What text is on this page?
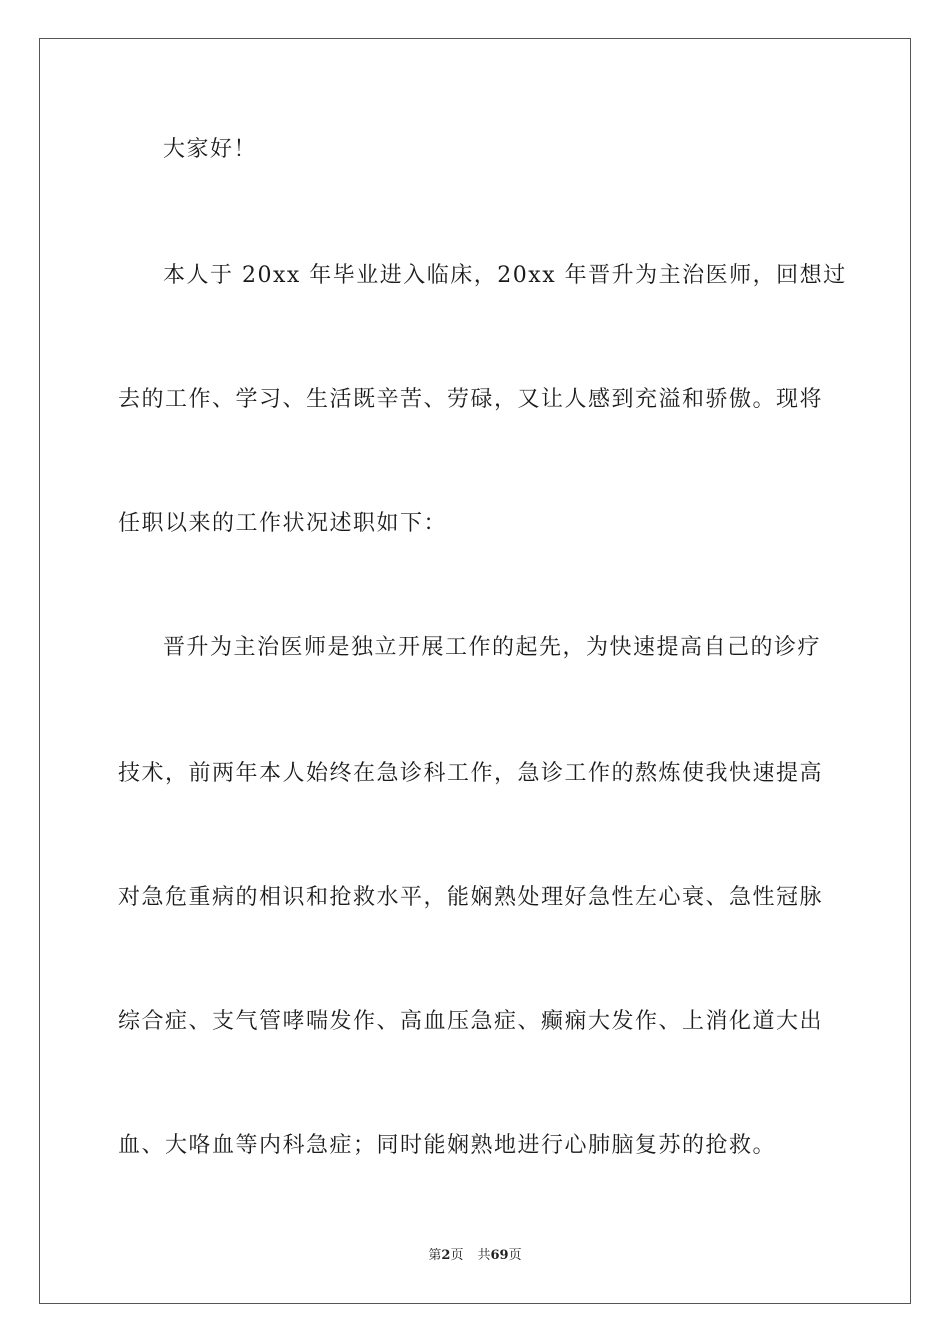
大家好！
本人于 20xx 年毕业进入临床，20xx 年晋升为主治医师，回想过
去的工作、学习、生活既辛苦、劳碌，又让人感到充溢和骄傲。现将
任职以来的工作状况述职如下：
晋升为主治医师是独立开展工作的起先，为快速提高自己的诊疗
技术，前两年本人始终在急诊科工作，急诊工作的熬炼使我快速提高
对急危重病的相识和抢救水平，能娴熟处理好急性左心衰、急性冠脉
综合症、支气管哮喘发作、高血压急症、癫痫大发作、上消化道大出
血、大咯血等内科急症；同时能娴熟地进行心肺脑复苏的抢救。
第2页 共69页
